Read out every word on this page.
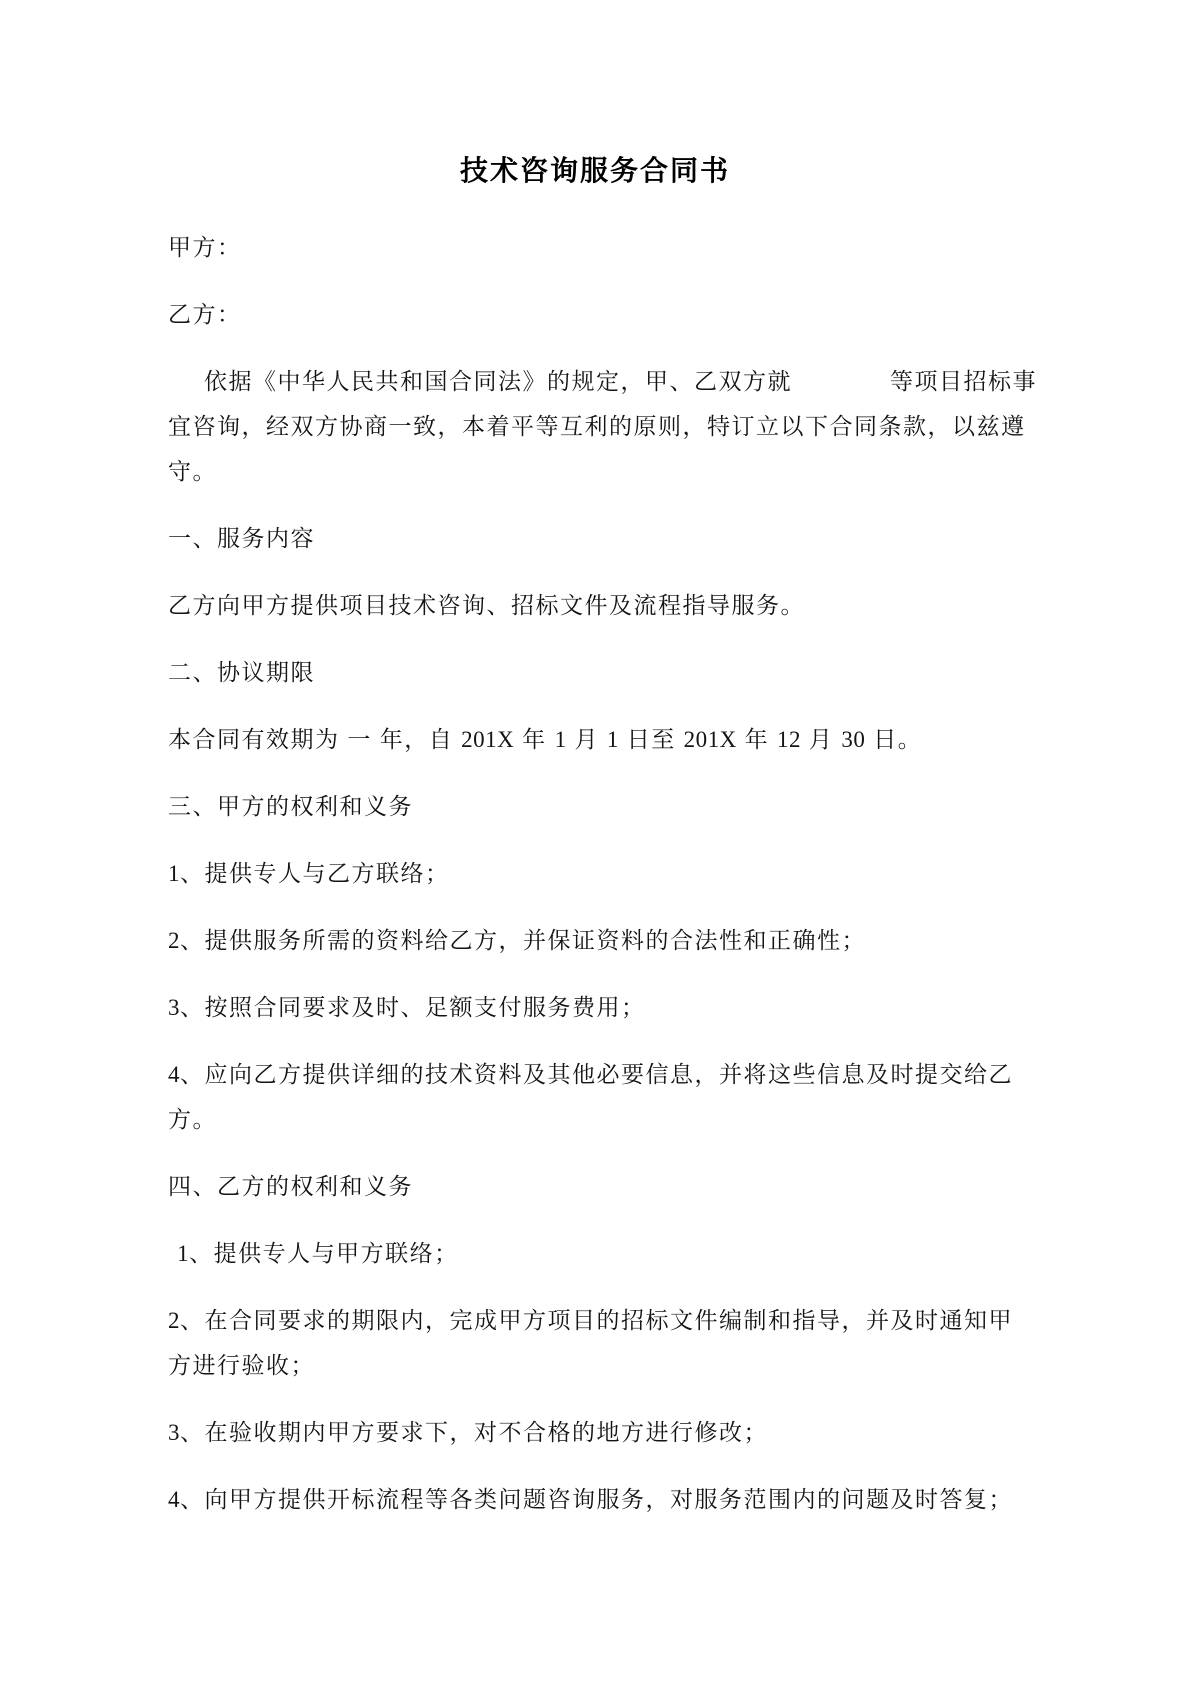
技术咨询服务合同书
甲方：
乙方：
依据《中华人民共和国合同法》的规定，甲、乙双方就　　　　等项目招标事
宜咨询，经双方协商一致，本着平等互利的原则，特订立以下合同条款，以兹遵
守。
一、服务内容
乙方向甲方提供项目技术咨询、招标文件及流程指导服务。
二、协议期限
本合同有效期为 一 年，自 201X 年 1 月 1 日至 201X 年 12 月 30 日。
三、甲方的权利和义务
1、提供专人与乙方联络；
2、提供服务所需的资料给乙方，并保证资料的合法性和正确性；
3、按照合同要求及时、足额支付服务费用；
4、应向乙方提供详细的技术资料及其他必要信息，并将这些信息及时提交给乙
方。
四、乙方的权利和义务
 1、提供专人与甲方联络；
2、在合同要求的期限内，完成甲方项目的招标文件编制和指导，并及时通知甲
方进行验收；
3、在验收期内甲方要求下，对不合格的地方进行修改；
4、向甲方提供开标流程等各类问题咨询服务，对服务范围内的问题及时答复；
